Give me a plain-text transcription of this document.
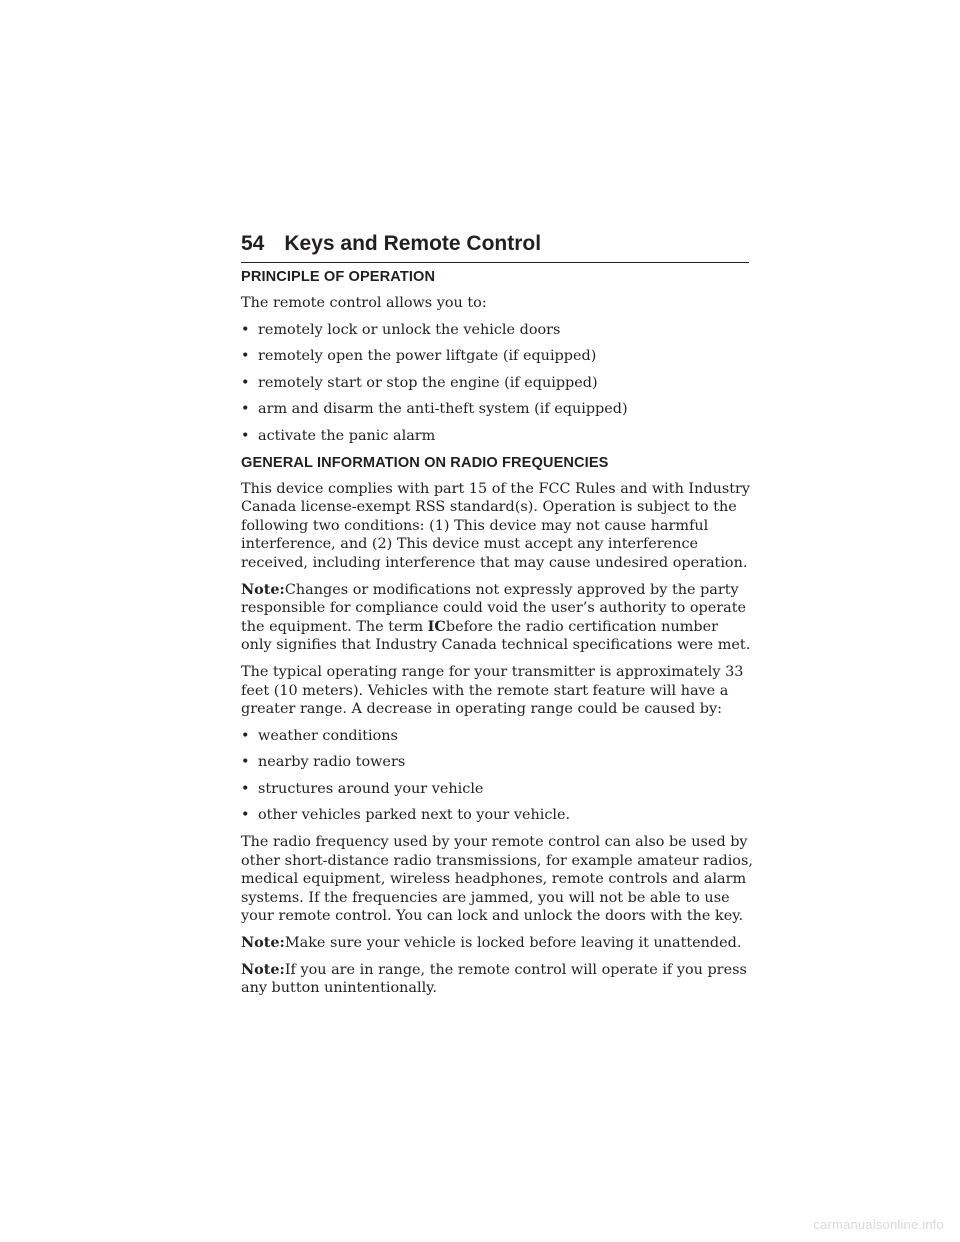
54 Keys and Remote Control
PRINCIPLE OF OPERATION

The remote control allows you to:

• remotely lock or unlock the vehicle doors
• remotely open the power liftgate (if equipped)
• remotely start or stop the engine (if equipped)
• arm and disarm the anti-theft system (if equipped)
• activate the panic alarm
GENERAL INFORMATION ON RADIO FREQUENCIES

This device complies with part 15 of the FCC Rules and with Industry Canada license-exempt RSS standard(s). Operation is subject to the following two conditions: (1) This device may not cause harmful interference, and (2) This device must accept any interference received, including interference that may cause undesired operation.

Note:Changes or modifications not expressly approved by the party responsible for compliance could void the user’s authority to operate the equipment. The term ICbefore the radio certification number only signifies that Industry Canada technical specifications were met.

The typical operating range for your transmitter is approximately 33 feet (10 meters). Vehicles with the remote start feature will have a greater range. A decrease in operating range could be caused by:

• weather conditions
• nearby radio towers
• structures around your vehicle
• other vehicles parked next to your vehicle.

The radio frequency used by your remote control can also be used by other short-distance radio transmissions, for example amateur radios, medical equipment, wireless headphones, remote controls and alarm systems. If the frequencies are jammed, you will not be able to use your remote control. You can lock and unlock the doors with the key.

Note:Make sure your vehicle is locked before leaving it unattended.

Note:If you are in range, the remote control will operate if you press any button unintentionally.

carmanualsonline.info
